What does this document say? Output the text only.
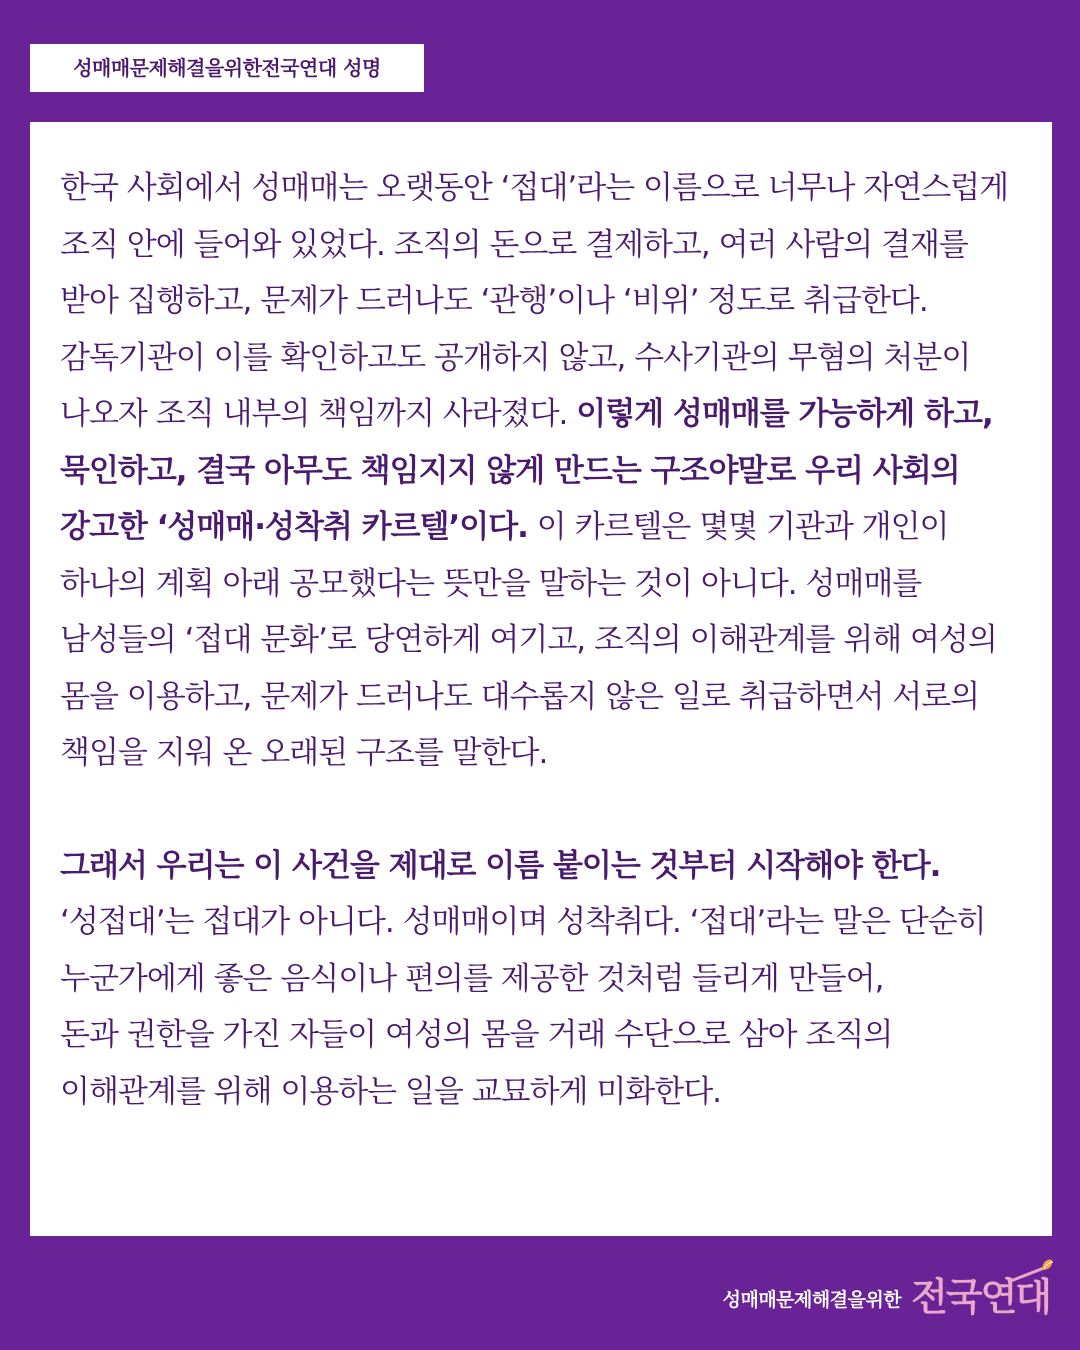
성매매문제해결을위한전국연대 성명

한국 사회에서 성매매는 오랫동안 ‘접대’라는 이름으로 너무나 자연스럽게 조직 안에 들어와 있었다. 조직의 돈으로 결제하고, 여러 사람의 결재를 받아 집행하고, 문제가 드러나도 ‘관행’이나 ‘비위’ 정도로 취급한다. 감독기관이 이를 확인하고도 공개하지 않고, 수사기관의 무혐의 처분이 나오자 조직 내부의 책임까지 사라졌다. 이렇게 성매매를 가능하게 하고, 묵인하고, 결국 아무도 책임지지 않게 만드는 구조야말로 우리 사회의 강고한 ‘성매매·성착취 카르텔’이다. 이 카르텔은 몇몇 기관과 개인이 하나의 계획 아래 공모했다는 뜻만을 말하는 것이 아니다. 성매매를 남성들의 ‘접대 문화’로 당연하게 여기고, 조직의 이해관계를 위해 여성의 몸을 이용하고, 문제가 드러나도 대수롭지 않은 일로 취급하면서 서로의 책임을 지워 온 오래된 구조를 말한다.

그래서 우리는 이 사건을 제대로 이름 붙이는 것부터 시작해야 한다.
‘성접대’는 접대가 아니다. 성매매이며 성착취다. ‘접대’라는 말은 단순히 누군가에게 좋은 음식이나 편의를 제공한 것처럼 들리게 만들어,
돈과 권한을 가진 자들이 여성의 몸을 거래 수단으로 삼아 조직의
이해관계를 위해 이용하는 일을 교묘하게 미화한다.

성매매문제해결을위한 전국연대
